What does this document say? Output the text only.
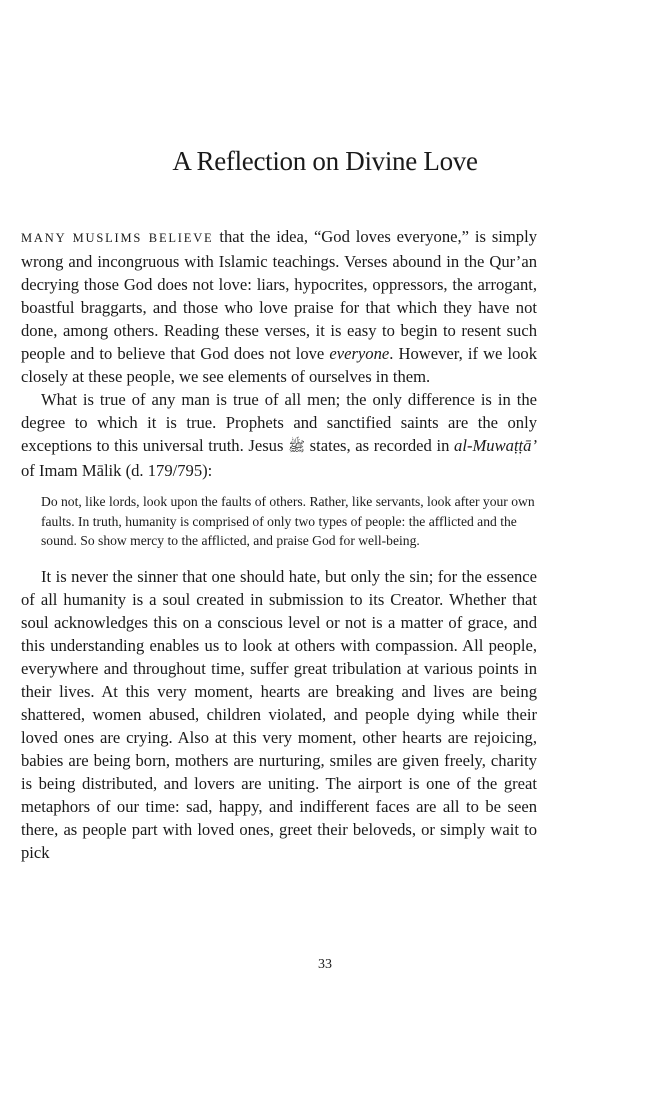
A Reflection on Divine Love

MANY MUSLIMS BELIEVE that the idea, “God loves everyone,” is simply wrong and incongruous with Islamic teachings. Verses abound in the Qur’an decrying those God does not love: liars, hypocrites, oppressors, the arrogant, boastful braggarts, and those who love praise for that which they have not done, among others. Reading these verses, it is easy to begin to resent such people and to believe that God does not love everyone. However, if we look closely at these people, we see elements of ourselves in them.

What is true of any man is true of all men; the only difference is in the degree to which it is true. Prophets and sanctified saints are the only exceptions to this universal truth. Jesus ﷺ states, as recorded in al-Muwaṭṭā’ of Imam Mālik (d. 179/795):

Do not, like lords, look upon the faults of others. Rather, like servants, look after your own faults. In truth, humanity is comprised of only two types of people: the afflicted and the sound. So show mercy to the afflicted, and praise God for well-being.

It is never the sinner that one should hate, but only the sin; for the essence of all humanity is a soul created in submission to its Creator. Whether that soul acknowledges this on a conscious level or not is a matter of grace, and this understanding enables us to look at others with compassion. All people, everywhere and throughout time, suffer great tribulation at various points in their lives. At this very moment, hearts are breaking and lives are being shattered, women abused, children violated, and people dying while their loved ones are crying. Also at this very moment, other hearts are rejoicing, babies are being born, mothers are nurturing, smiles are given freely, charity is being distributed, and lovers are uniting. The airport is one of the great metaphors of our time: sad, happy, and indifferent faces are all to be seen there, as people part with loved ones, greet their beloveds, or simply wait to pick

33
